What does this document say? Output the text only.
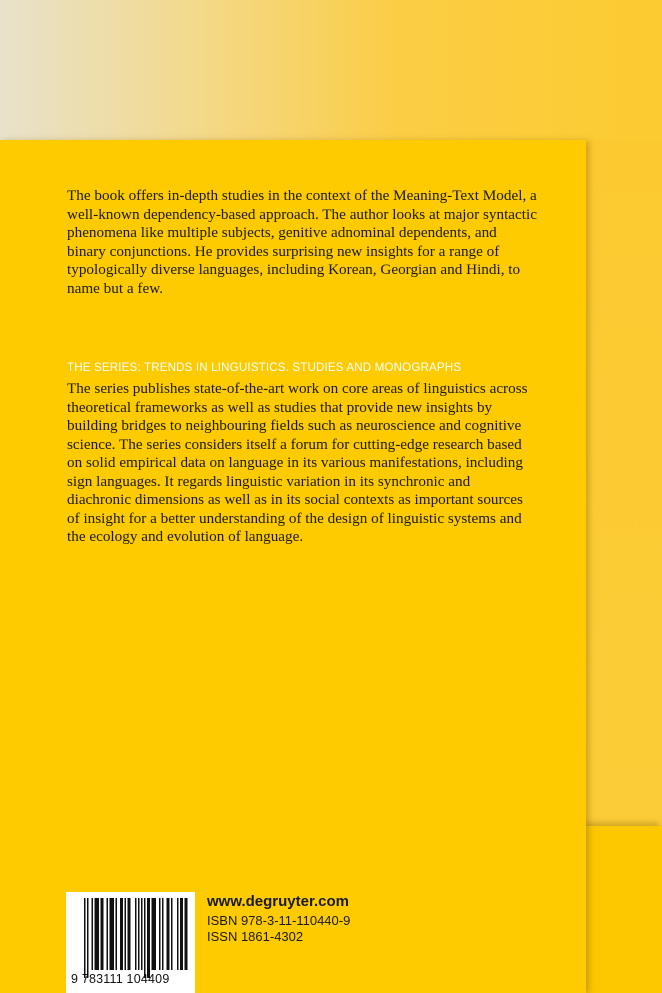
The book offers in-depth studies in the context of the Meaning-Text Model, a well-known dependency-based approach. The author looks at major syntactic phenomena like multiple subjects, genitive adnominal dependents, and binary conjunctions. He provides surprising new insights for a range of typologically diverse languages, including Korean, Georgian and Hindi, to name but a few.

THE SERIES: TRENDS IN LINGUISTICS. STUDIES AND MONOGRAPHS

The series publishes state-of-the-art work on core areas of linguistics across theoretical frameworks as well as studies that provide new insights by building bridges to neighbouring fields such as neuroscience and cognitive science. The series considers itself a forum for cutting-edge research based on solid empirical data on language in its various manifestations, including sign languages. It regards linguistic variation in its synchronic and diachronic dimensions as well as in its social contexts as important sources of insight for a better understanding of the design of linguistic systems and the ecology and evolution of language.

9 783111 104409
www.degruyter.com
ISBN 978-3-11-110440-9
ISSN 1861-4302
